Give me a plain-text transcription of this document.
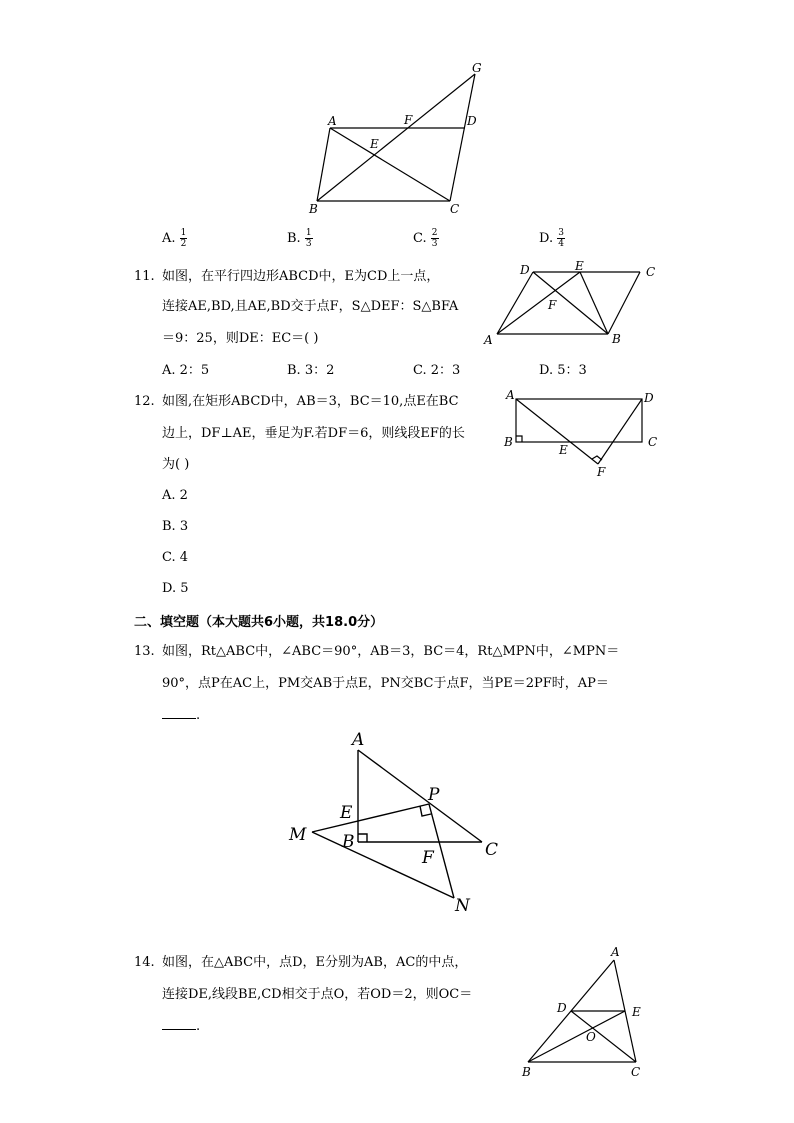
A
B	C
D
E
F
G
A. $\frac{1}{2}$	B. $\frac{1}{3}$	C. $\frac{2}{3}$	D. $\frac{3}{4}$
11. 如图，在平行四边形ABCD中，E为CD上一点，
连接AE,BD,且AE,BD交于点F，S△DEF：S△BFA
＝9：25，则DE：EC＝( )
A. 2：5	B. 3：2	C. 2：3	D. 5：3
D	E	C
F
A	B
12. 如图,在矩形ABCD中，AB＝3，BC＝10,点E在BC
边上，DF⊥AE，垂足为F.若DF＝6，则线段EF的长
为( )
A. 2
B. 3
C. 4
D. 5
A	D
B	C
E
F
二、填空题（本大题共6小题，共18.0分）
13. 如图，Rt△ABC中，∠ABC＝90°，AB＝3，BC＝4，Rt△MPN中，∠MPN＝
90°，点P在AC上，PM交AB于点E，PN交BC于点F，当PE＝2PF时，AP＝
.
A
E
P
M B	C
F
N
14. 如图，在△ABC中，点D，E分别为AB，AC的中点，
连接DE,线段BE,CD相交于点O，若OD＝2，则OC＝
.
A
D	E
O
B	C
